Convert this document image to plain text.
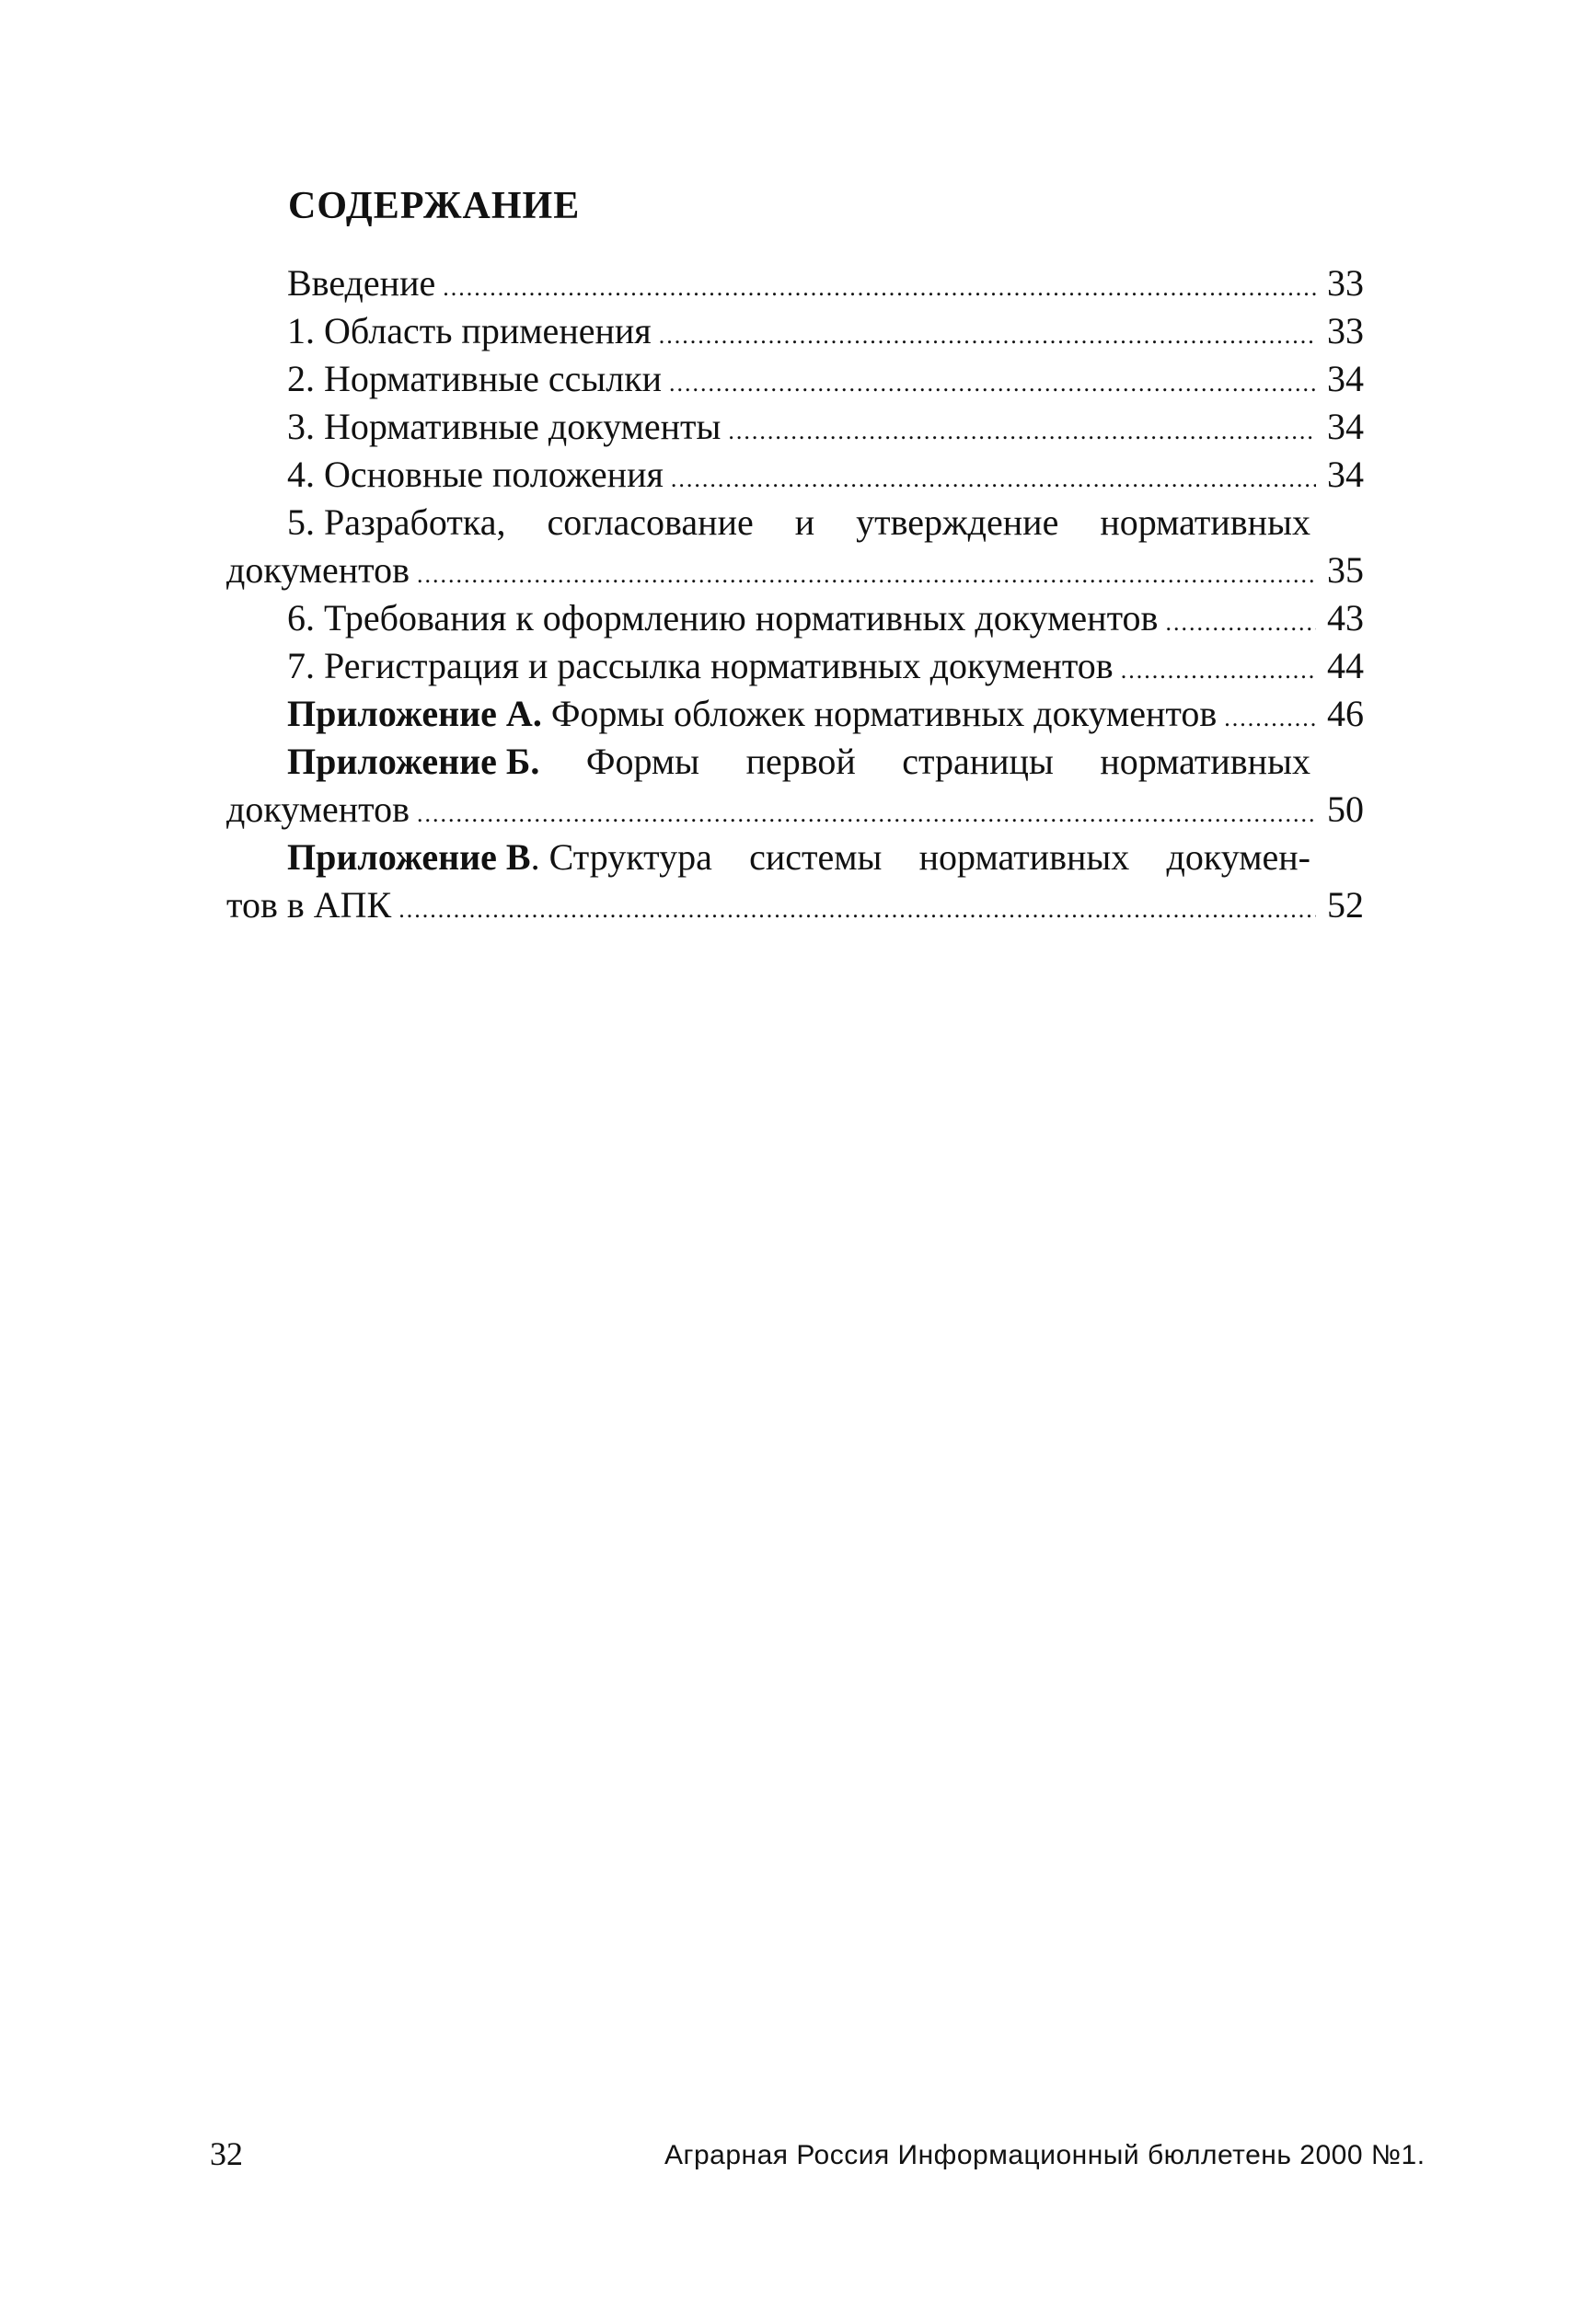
СОДЕРЖАНИЕ
Введение .....	33
1. Область применения .....	33
2. Нормативные ссылки .....	34
3. Нормативные документы .....	34
4. Основные положения .....	34
5. Разработка, согласование и утверждение нормативных
документов .....	35
6. Требования к оформлению нормативных документов .....	43
7. Регистрация и рассылка нормативных документов .....	44
Приложение А. Формы обложек нормативных документов .....	46
Приложение Б. Формы первой страницы нормативных
документов .....	50
Приложение В. Структура системы нормативных докумен-
тов в АПК .....	52
32	Аграрная Россия Информационный бюллетень 2000 №1.
